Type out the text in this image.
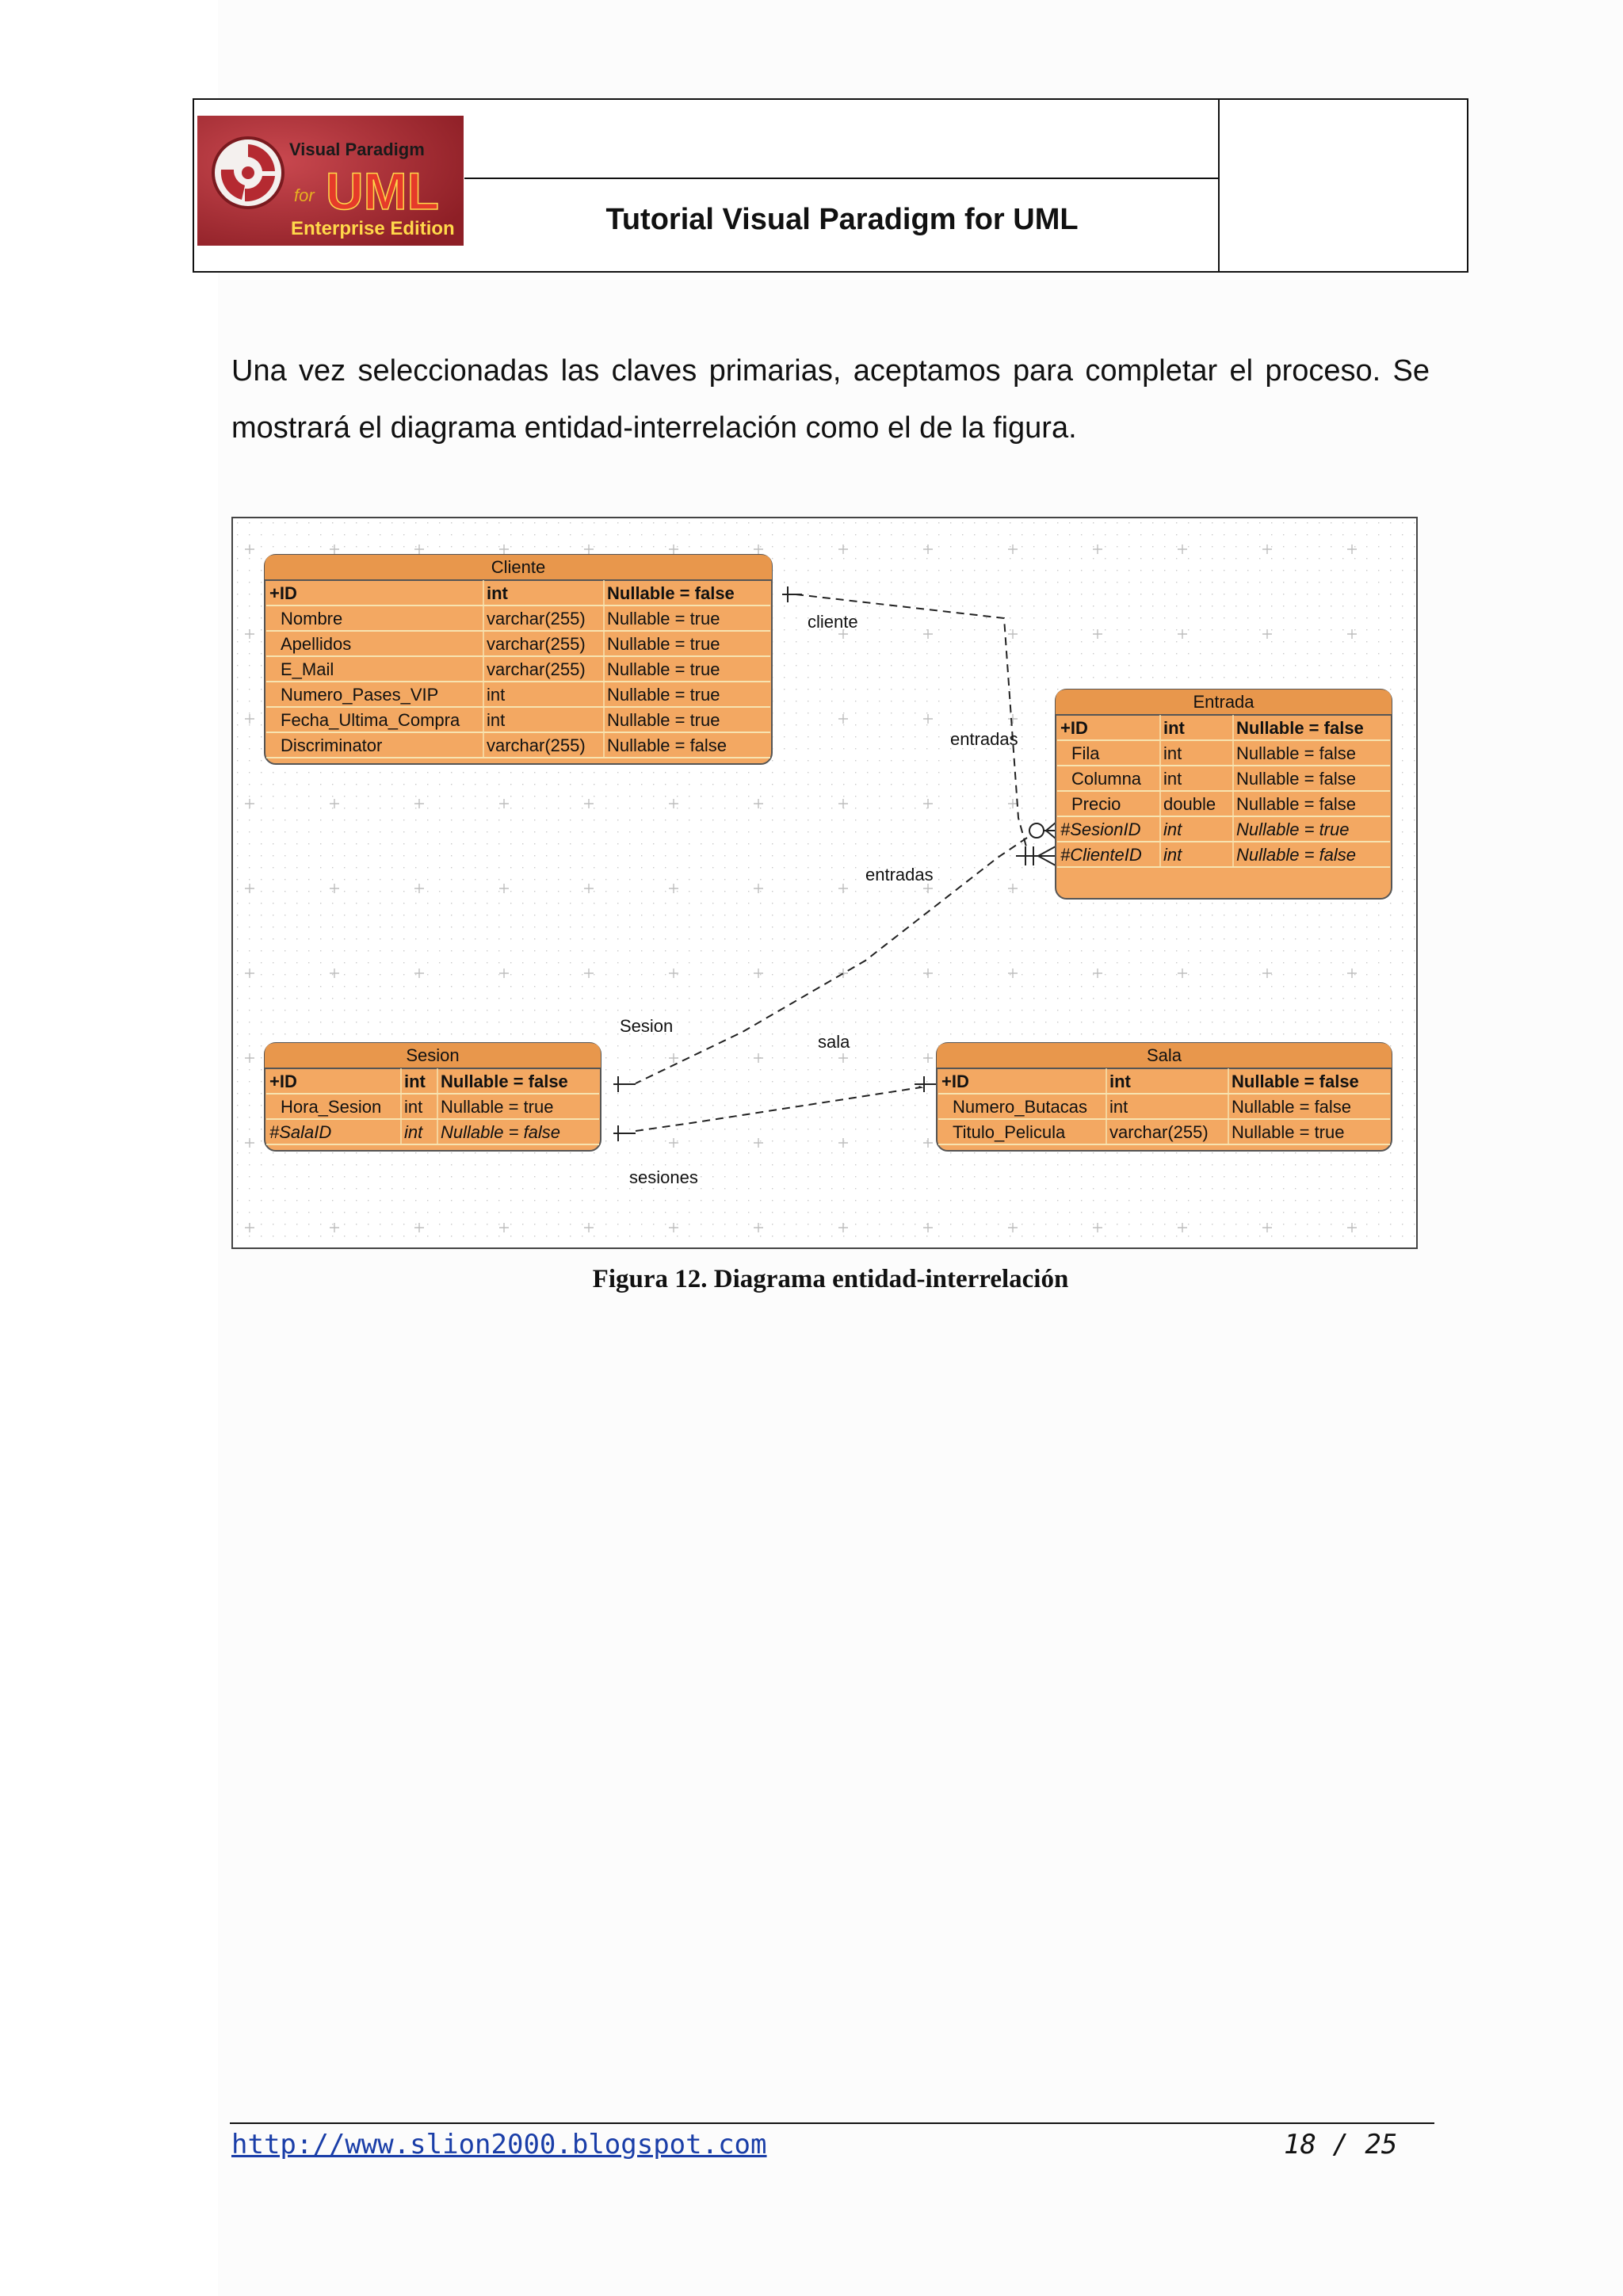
Visual Paradigm
for UML
Enterprise Edition	Tutorial Visual Paradigm for UML
Una vez seleccionadas las claves primarias, aceptamos para completar el proceso. Se mostrará el diagrama entidad-interrelación como el de la figura.
cliente
entradas
entradas
Sesion
sala
sesiones
Cliente
+ID	int	Nullable = false
Nombre	varchar(255) Nullable = true
Apellidos	varchar(255) Nullable = true
E_Mail	varchar(255) Nullable = true
Numero_Pases_VIP	int	Nullable = true
Fecha_Ultima_Compra int	Nullable = true
Discriminator	varchar(255) Nullable = false
Entrada
+ID	int	Nullable = false
Fila	int	Nullable = false
Columna int	Nullable = false
Precio double Nullable = false
#SesionID int	Nullable = true
#ClienteID int	Nullable = false
Sesion
+ID	int Nullable = false
Hora_Sesion int Nullable = true
#SalaID	int Nullable = false
Sala
+ID	int	Nullable = false
Numero_Butacas int	Nullable = false
Titulo_Pelicula	varchar(255) Nullable = true
Figura 12. Diagrama entidad-interrelación
http://www.slion2000.blogspot.com	18 / 25
